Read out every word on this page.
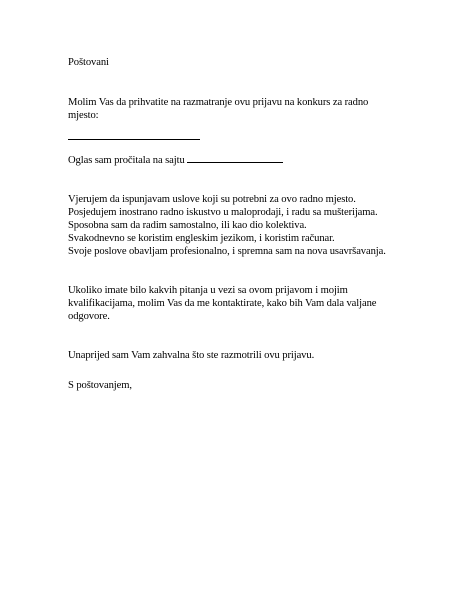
Poštovani
Molim Vas da prihvatite na razmatranje ovu prijavu na konkurs za radno
mjesto:
Oglas sam pročitala na sajtu
Vjerujem da ispunjavam uslove koji su potrebni za ovo radno mjesto.
Posjedujem inostrano radno iskustvo u maloprodaji, i radu sa mušterijama.
Sposobna sam da radim samostalno, ili kao dio kolektiva.
Svakodnevno se koristim engleskim jezikom, i koristim računar.
Svoje poslove obavljam profesionalno, i spremna sam na nova usavršavanja.
Ukoliko imate bilo kakvih pitanja u vezi sa ovom prijavom i mojim
kvalifikacijama, molim Vas da me kontaktirate, kako bih Vam dala valjane
odgovore.
Unaprijed sam Vam zahvalna što ste razmotrili ovu prijavu.
S poštovanjem,
